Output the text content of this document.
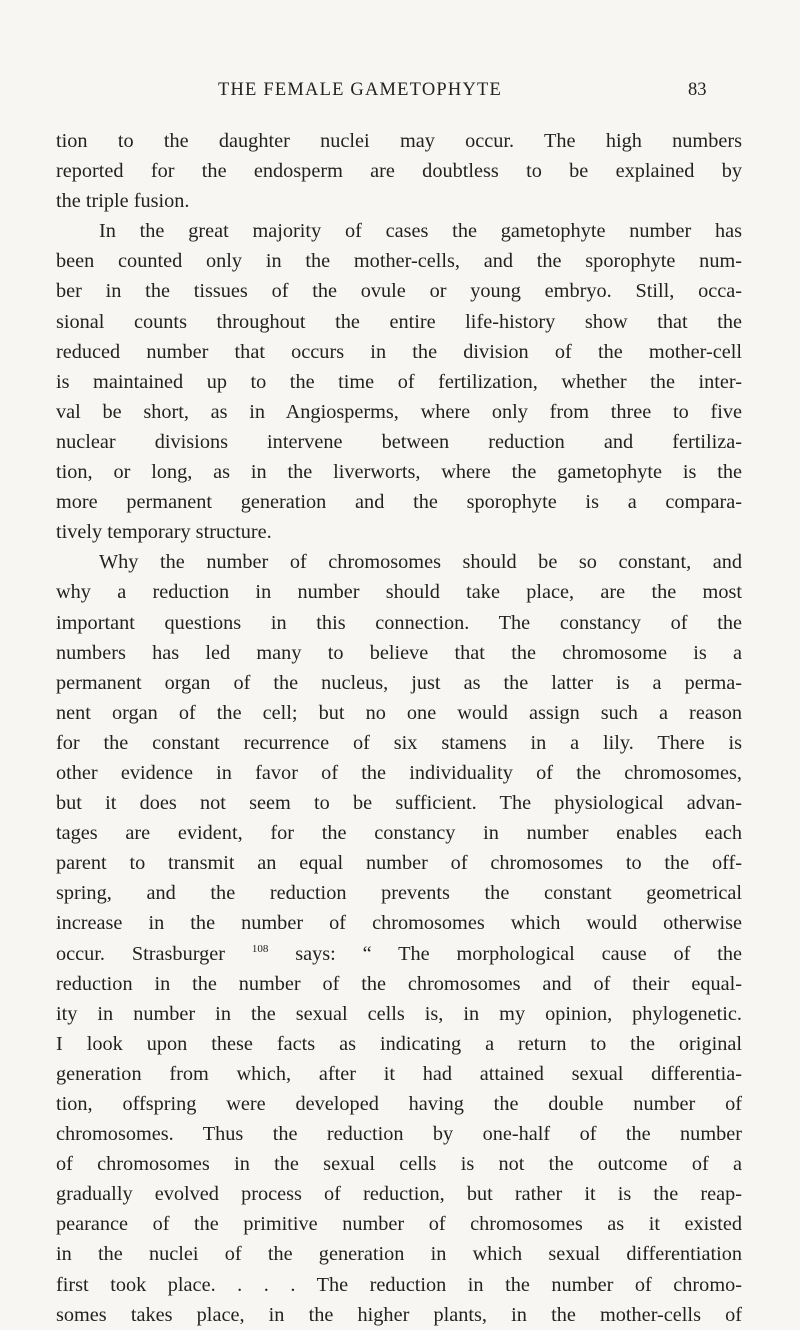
THE FEMALE GAMETOPHYTE	83
tion to the daughter nuclei may occur. The high numbers
reported for the endosperm are doubtless to be explained by
the triple fusion.
In the great majority of cases the gametophyte number has
been counted only in the mother-cells, and the sporophyte num-
ber in the tissues of the ovule or young embryo. Still, occa-
sional counts throughout the entire life-history show that the
reduced number that occurs in the division of the mother-cell
is maintained up to the time of fertilization, whether the inter-
val be short, as in Angiosperms, where only from three to five
nuclear divisions intervene between reduction and fertiliza-
tion, or long, as in the liverworts, where the gametophyte is the
more permanent generation and the sporophyte is a compara-
tively temporary structure.
Why the number of chromosomes should be so constant, and
why a reduction in number should take place, are the most
important questions in this connection. The constancy of the
numbers has led many to believe that the chromosome is a
permanent organ of the nucleus, just as the latter is a perma-
nent organ of the cell; but no one would assign such a reason
for the constant recurrence of six stamens in a lily. There is
other evidence in favor of the individuality of the chromosomes,
but it does not seem to be sufficient. The physiological advan-
tages are evident, for the constancy in number enables each
parent to transmit an equal number of chromosomes to the off-
spring, and the reduction prevents the constant geometrical
increase in the number of chromosomes which would otherwise
occur. Strasburger $^{108}$ says: “ The morphological cause of the
reduction in the number of the chromosomes and of their equal-
ity in number in the sexual cells is, in my opinion, phylogenetic.
I look upon these facts as indicating a return to the original
generation from which, after it had attained sexual differentia-
tion, offspring were developed having the double number of
chromosomes. Thus the reduction by one-half of the number
of chromosomes in the sexual cells is not the outcome of a
gradually evolved process of reduction, but rather it is the reap-
pearance of the primitive number of chromosomes as it existed
in the nuclei of the generation in which sexual differentiation
first took place. . . . The reduction in the number of chromo-
somes takes place, in the higher plants, in the mother-cells of
